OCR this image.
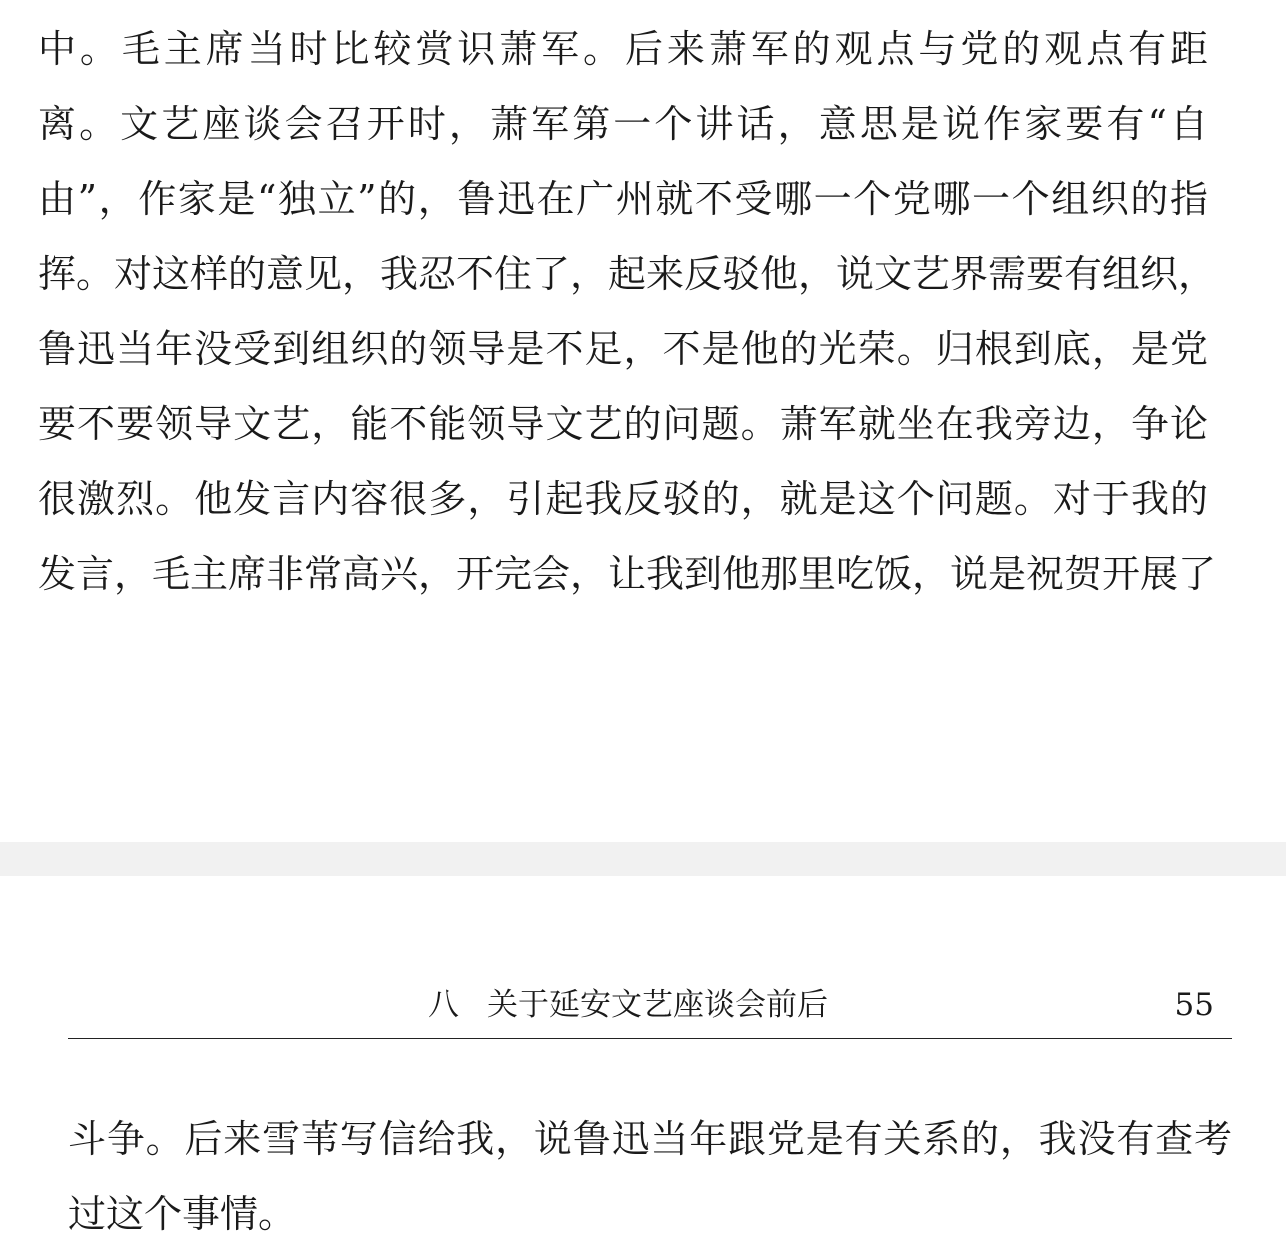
中。毛主席当时比较赏识萧军。后来萧军的观点与党的观点有距
离。文艺座谈会召开时，萧军第一个讲话，意思是说作家要有“自
由”，作家是“独立”的，鲁迅在广州就不受哪一个党哪一个组织的指
挥。对这样的意见，我忍不住了，起来反驳他，说文艺界需要有组织，
鲁迅当年没受到组织的领导是不足，不是他的光荣。归根到底，是党
要不要领导文艺，能不能领导文艺的问题。萧军就坐在我旁边，争论
很激烈。他发言内容很多，引起我反驳的，就是这个问题。对于我的
发言，毛主席非常高兴，开完会，让我到他那里吃饭，说是祝贺开展了
八 关于延安文艺座谈会前后	55
斗争。后来雪苇写信给我，说鲁迅当年跟党是有关系的，我没有查考
过这个事情。
